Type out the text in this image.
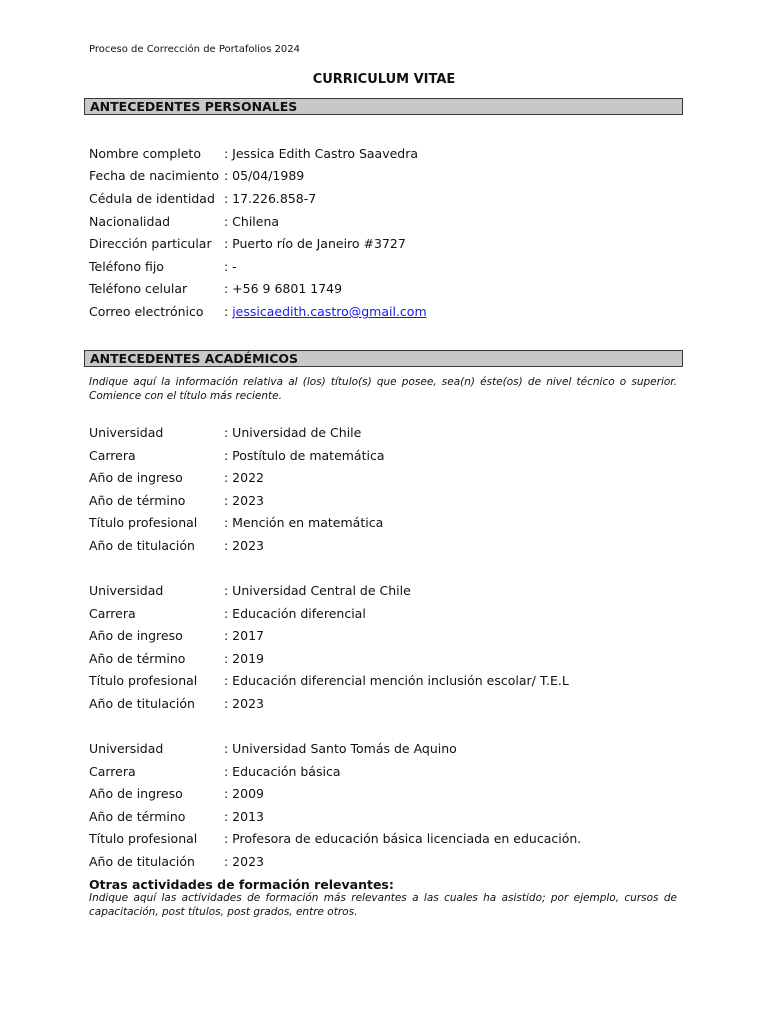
Proceso de Corrección de Portafolios 2024
CURRICULUM VITAE
ANTECEDENTES PERSONALES
Nombre completo : Jessica Edith Castro Saavedra
Fecha de nacimiento : 05/04/1989
Cédula de identidad : 17.226.858-7
Nacionalidad	: Chilena
Dirección particular : Puerto río de Janeiro #3727
Teléfono fijo	: -
Teléfono celular	: +56 9 6801 1749
Correo electrónico : jessicaedith.castro@gmail.com
ANTECEDENTES ACADÉMICOS
Indique aquí la información relativa al (los) título(s) que posee, sea(n) éste(os) de nivel técnico o superior. Comience con el título más reciente.
Universidad	: Universidad de Chile
Carrera	: Postítulo de matemática
Año de ingreso	: 2022
Año de término	: 2023
Título profesional : Mención en matemática
Año de titulación : 2023
Universidad	: Universidad Central de Chile
Carrera	: Educación diferencial
Año de ingreso	: 2017
Año de término	: 2019
Título profesional : Educación diferencial mención inclusión escolar/ T.E.L
Año de titulación : 2023
Universidad	: Universidad Santo Tomás de Aquino
Carrera	: Educación básica
Año de ingreso	: 2009
Año de término	: 2013
Título profesional : Profesora de educación básica licenciada en educación.
Año de titulación : 2023
Otras actividades de formación relevantes:
Indique aquí las actividades de formación más relevantes a las cuales ha asistido; por ejemplo, cursos de capacitación, post títulos, post grados, entre otros.
